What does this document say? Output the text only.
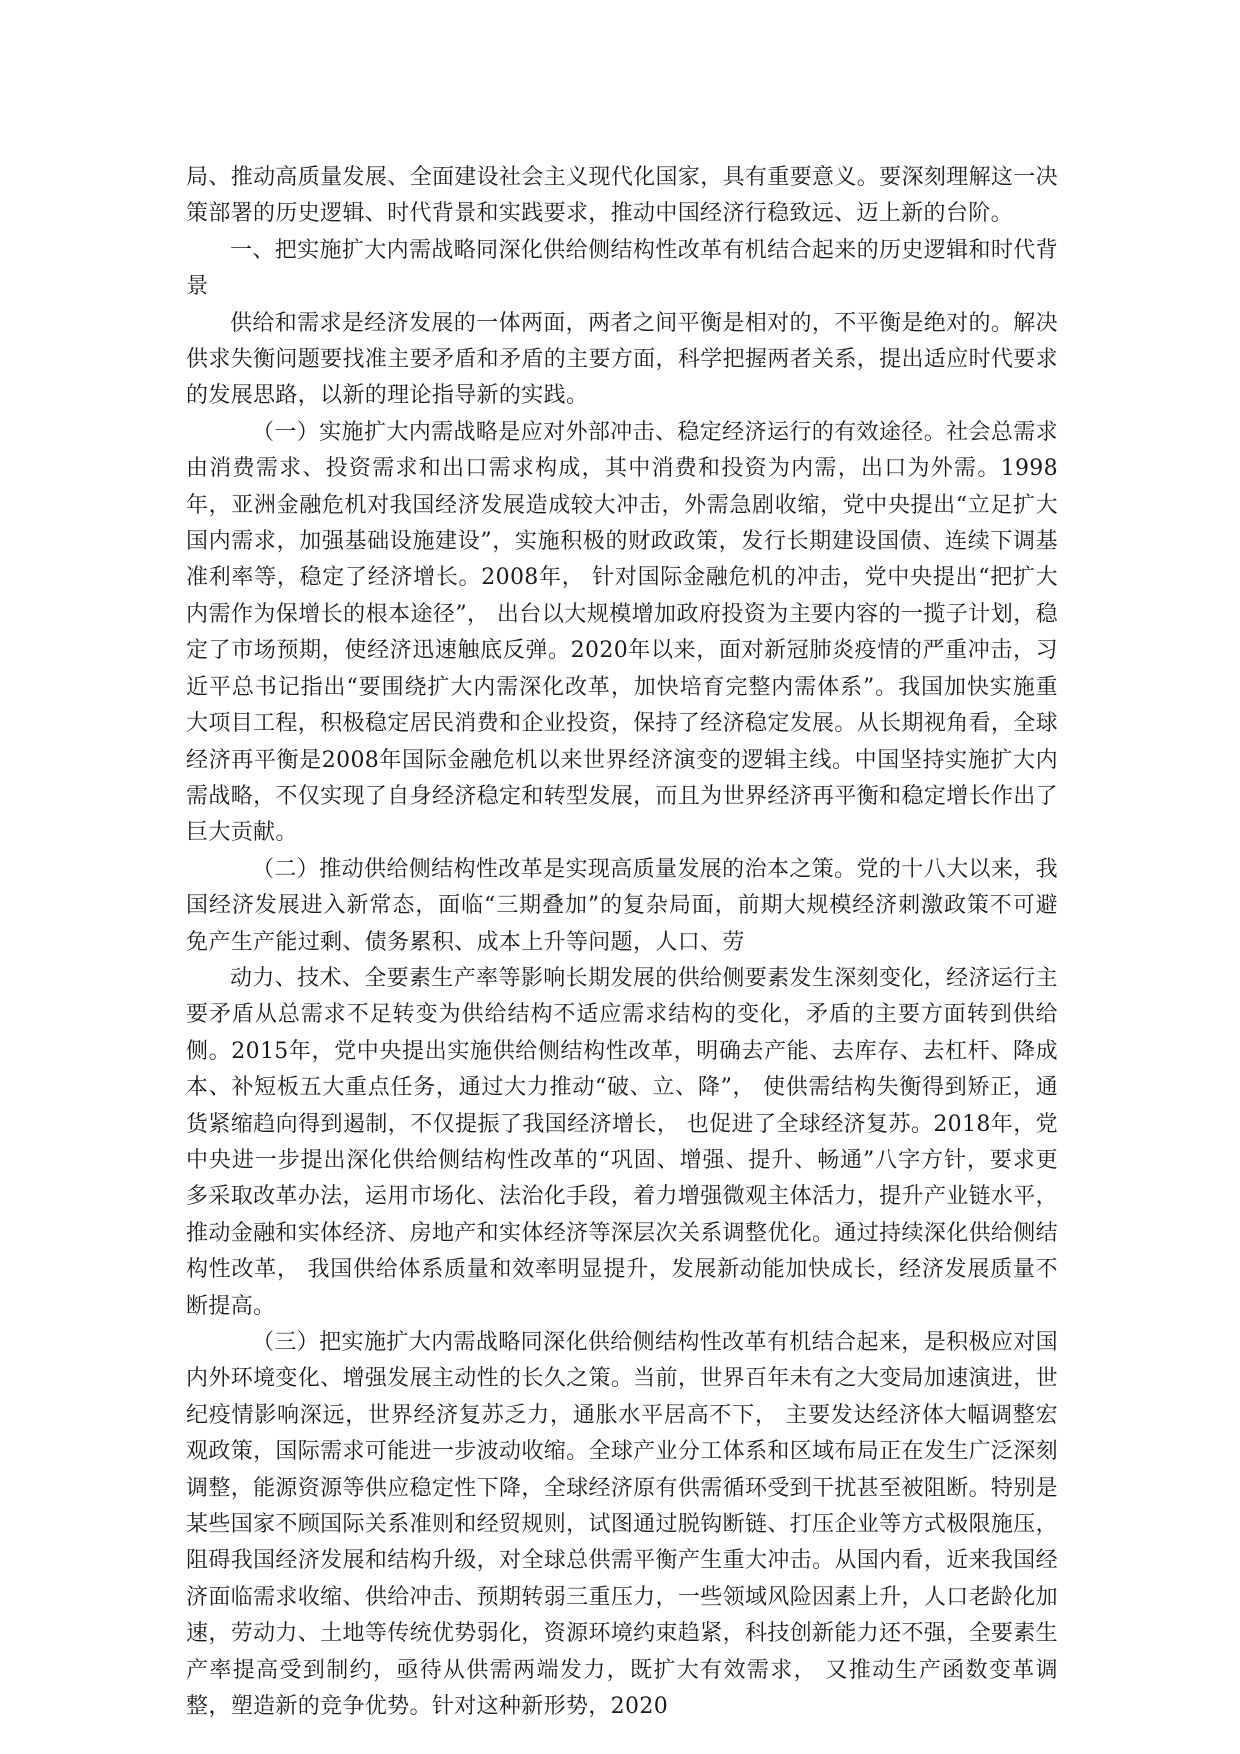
局、推动高质量发展、全面建设社会主义现代化国家，具有重要意义。要深刻理解这一决策部署的历史逻辑、时代背景和实践要求，推动中国经济行稳致远、迈上新的台阶。

一、把实施扩大内需战略同深化供给侧结构性改革有机结合起来的历史逻辑和时代背景

供给和需求是经济发展的一体两面，两者之间平衡是相对的，不平衡是绝对的。解决供求失衡问题要找准主要矛盾和矛盾的主要方面，科学把握两者关系，提出适应时代要求的发展思路，以新的理论指导新的实践。

（一）实施扩大内需战略是应对外部冲击、稳定经济运行的有效途径。社会总需求由消费需求、投资需求和出口需求构成，其中消费和投资为内需，出口为外需。1998年，亚洲金融危机对我国经济发展造成较大冲击，外需急剧收缩，党中央提出“立足扩大国内需求，加强基础设施建设”，实施积极的财政政策，发行长期建设国债、连续下调基准利率等，稳定了经济增长。2008年， 针对国际金融危机的冲击，党中央提出“把扩大内需作为保增长的根本途径”， 出台以大规模增加政府投资为主要内容的一揽子计划，稳定了市场预期，使经济迅速触底反弹。2020年以来，面对新冠肺炎疫情的严重冲击，习近平总书记指出“要围绕扩大内需深化改革，加快培育完整内需体系”。我国加快实施重大项目工程，积极稳定居民消费和企业投资，保持了经济稳定发展。从长期视角看，全球经济再平衡是2008年国际金融危机以来世界经济演变的逻辑主线。中国坚持实施扩大内需战略，不仅实现了自身经济稳定和转型发展，而且为世界经济再平衡和稳定增长作出了巨大贡献。

（二）推动供给侧结构性改革是实现高质量发展的治本之策。党的十八大以来，我国经济发展进入新常态，面临“三期叠加”的复杂局面，前期大规模经济刺激政策不可避免产生产能过剩、债务累积、成本上升等问题，人口、劳

动力、技术、全要素生产率等影响长期发展的供给侧要素发生深刻变化，经济运行主要矛盾从总需求不足转变为供给结构不适应需求结构的变化，矛盾的主要方面转到供给侧。2015年，党中央提出实施供给侧结构性改革，明确去产能、去库存、去杠杆、降成本、补短板五大重点任务，通过大力推动“破、立、降”， 使供需结构失衡得到矫正，通货紧缩趋向得到遏制，不仅提振了我国经济增长， 也促进了全球经济复苏。2018年，党中央进一步提出深化供给侧结构性改革的“巩固、增强、提升、畅通”八字方针，要求更多采取改革办法，运用市场化、法治化手段，着力增强微观主体活力，提升产业链水平，推动金融和实体经济、房地产和实体经济等深层次关系调整优化。通过持续深化供给侧结构性改革， 我国供给体系质量和效率明显提升，发展新动能加快成长，经济发展质量不断提高。

（三）把实施扩大内需战略同深化供给侧结构性改革有机结合起来，是积极应对国内外环境变化、增强发展主动性的长久之策。当前，世界百年未有之大变局加速演进，世纪疫情影响深远，世界经济复苏乏力，通胀水平居高不下， 主要发达经济体大幅调整宏观政策，国际需求可能进一步波动收缩。全球产业分工体系和区域布局正在发生广泛深刻调整，能源资源等供应稳定性下降，全球经济原有供需循环受到干扰甚至被阻断。特别是某些国家不顾国际关系准则和经贸规则，试图通过脱钩断链、打压企业等方式极限施压，阻碍我国经济发展和结构升级，对全球总供需平衡产生重大冲击。从国内看，近来我国经济面临需求收缩、供给冲击、预期转弱三重压力，一些领域风险因素上升，人口老龄化加速，劳动力、土地等传统优势弱化，资源环境约束趋紧，科技创新能力还不强，全要素生产率提高受到制约，亟待从供需两端发力，既扩大有效需求， 又推动生产函数变革调整，塑造新的竞争优势。针对这种新形势，2020
